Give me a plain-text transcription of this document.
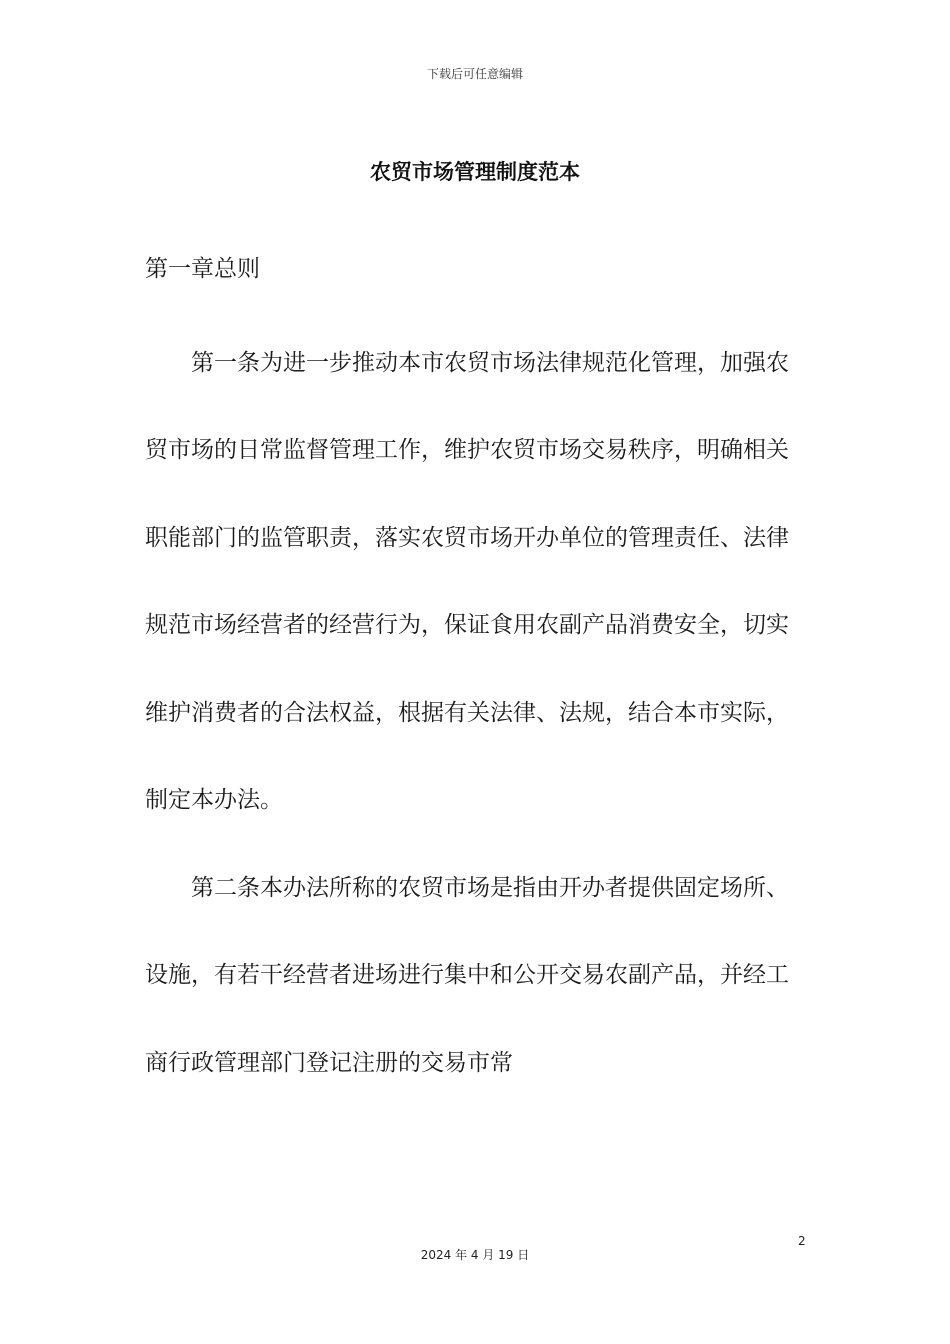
下载后可任意编辑
农贸市场管理制度范本
第一章总则
第一条为进一步推动本市农贸市场法律规范化管理，加强农
贸市场的日常监督管理工作，维护农贸市场交易秩序，明确相关
职能部门的监管职责，落实农贸市场开办单位的管理责任、法律
规范市场经营者的经营行为，保证食用农副产品消费安全，切实
维护消费者的合法权益，根据有关法律、法规，结合本市实际，
制定本办法。
第二条本办法所称的农贸市场是指由开办者提供固定场所、
设施，有若干经营者进场进行集中和公开交易农副产品，并经工
商行政管理部门登记注册的交易市常
2
2024 年 4 月 19 日
